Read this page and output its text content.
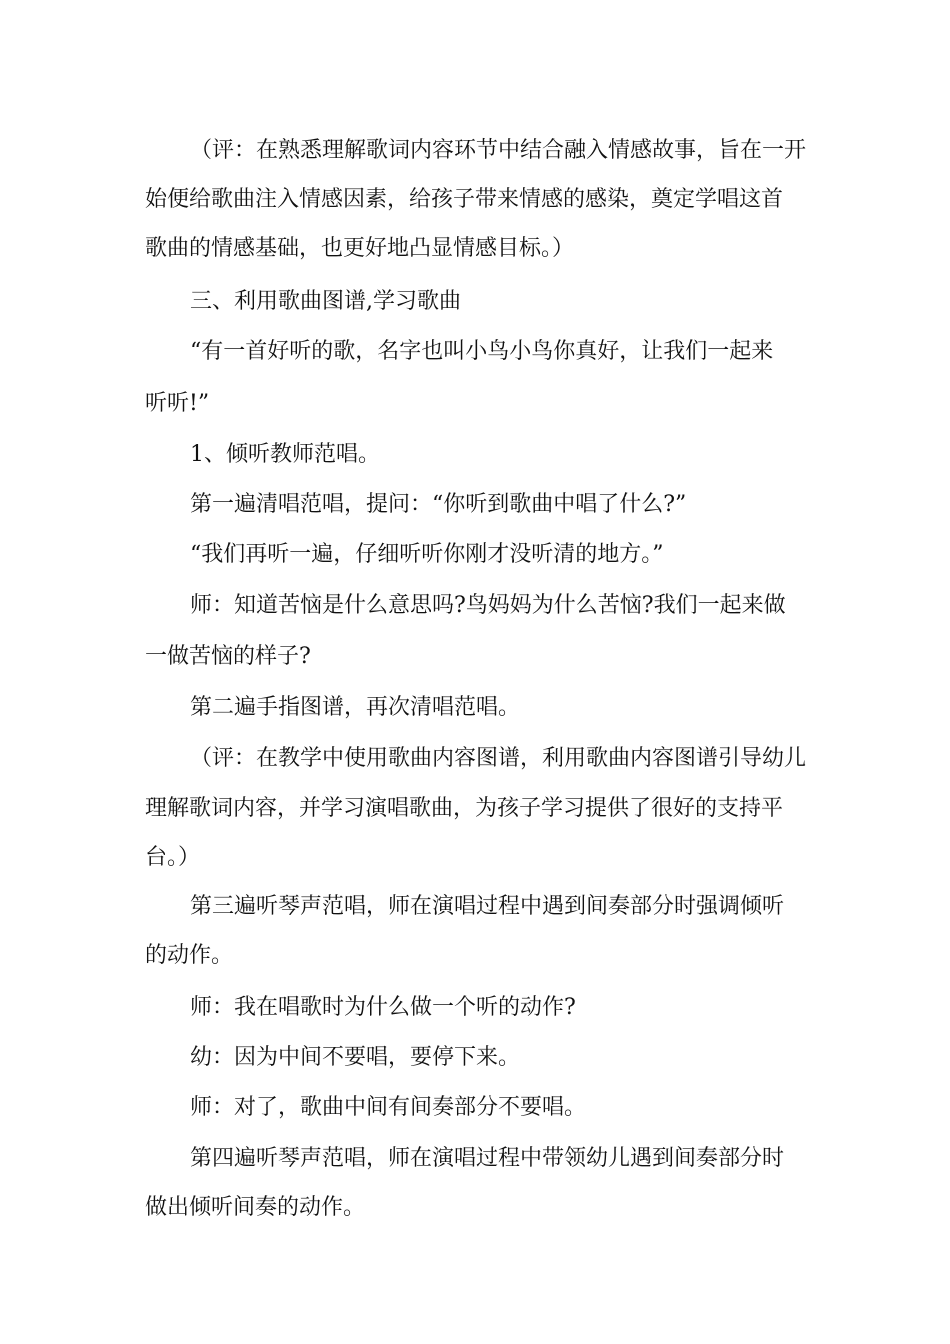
（评：在熟悉理解歌词内容环节中结合融入情感故事，旨在一开
始便给歌曲注入情感因素，给孩子带来情感的感染，奠定学唱这首
歌曲的情感基础，也更好地凸显情感目标。）
三、利用歌曲图谱,学习歌曲
“有一首好听的歌，名字也叫小鸟小鸟你真好，让我们一起来
听听!”
1、倾听教师范唱。
第一遍清唱范唱，提问：“你听到歌曲中唱了什么?”
“我们再听一遍，仔细听听你刚才没听清的地方。”
师：知道苦恼是什么意思吗?鸟妈妈为什么苦恼?我们一起来做
一做苦恼的样子?
第二遍手指图谱，再次清唱范唱。
（评：在教学中使用歌曲内容图谱，利用歌曲内容图谱引导幼儿
理解歌词内容，并学习演唱歌曲，为孩子学习提供了很好的支持平
台。）
第三遍听琴声范唱，师在演唱过程中遇到间奏部分时强调倾听
的动作。
师：我在唱歌时为什么做一个听的动作?
幼：因为中间不要唱，要停下来。
师：对了，歌曲中间有间奏部分不要唱。
第四遍听琴声范唱，师在演唱过程中带领幼儿遇到间奏部分时
做出倾听间奏的动作。
